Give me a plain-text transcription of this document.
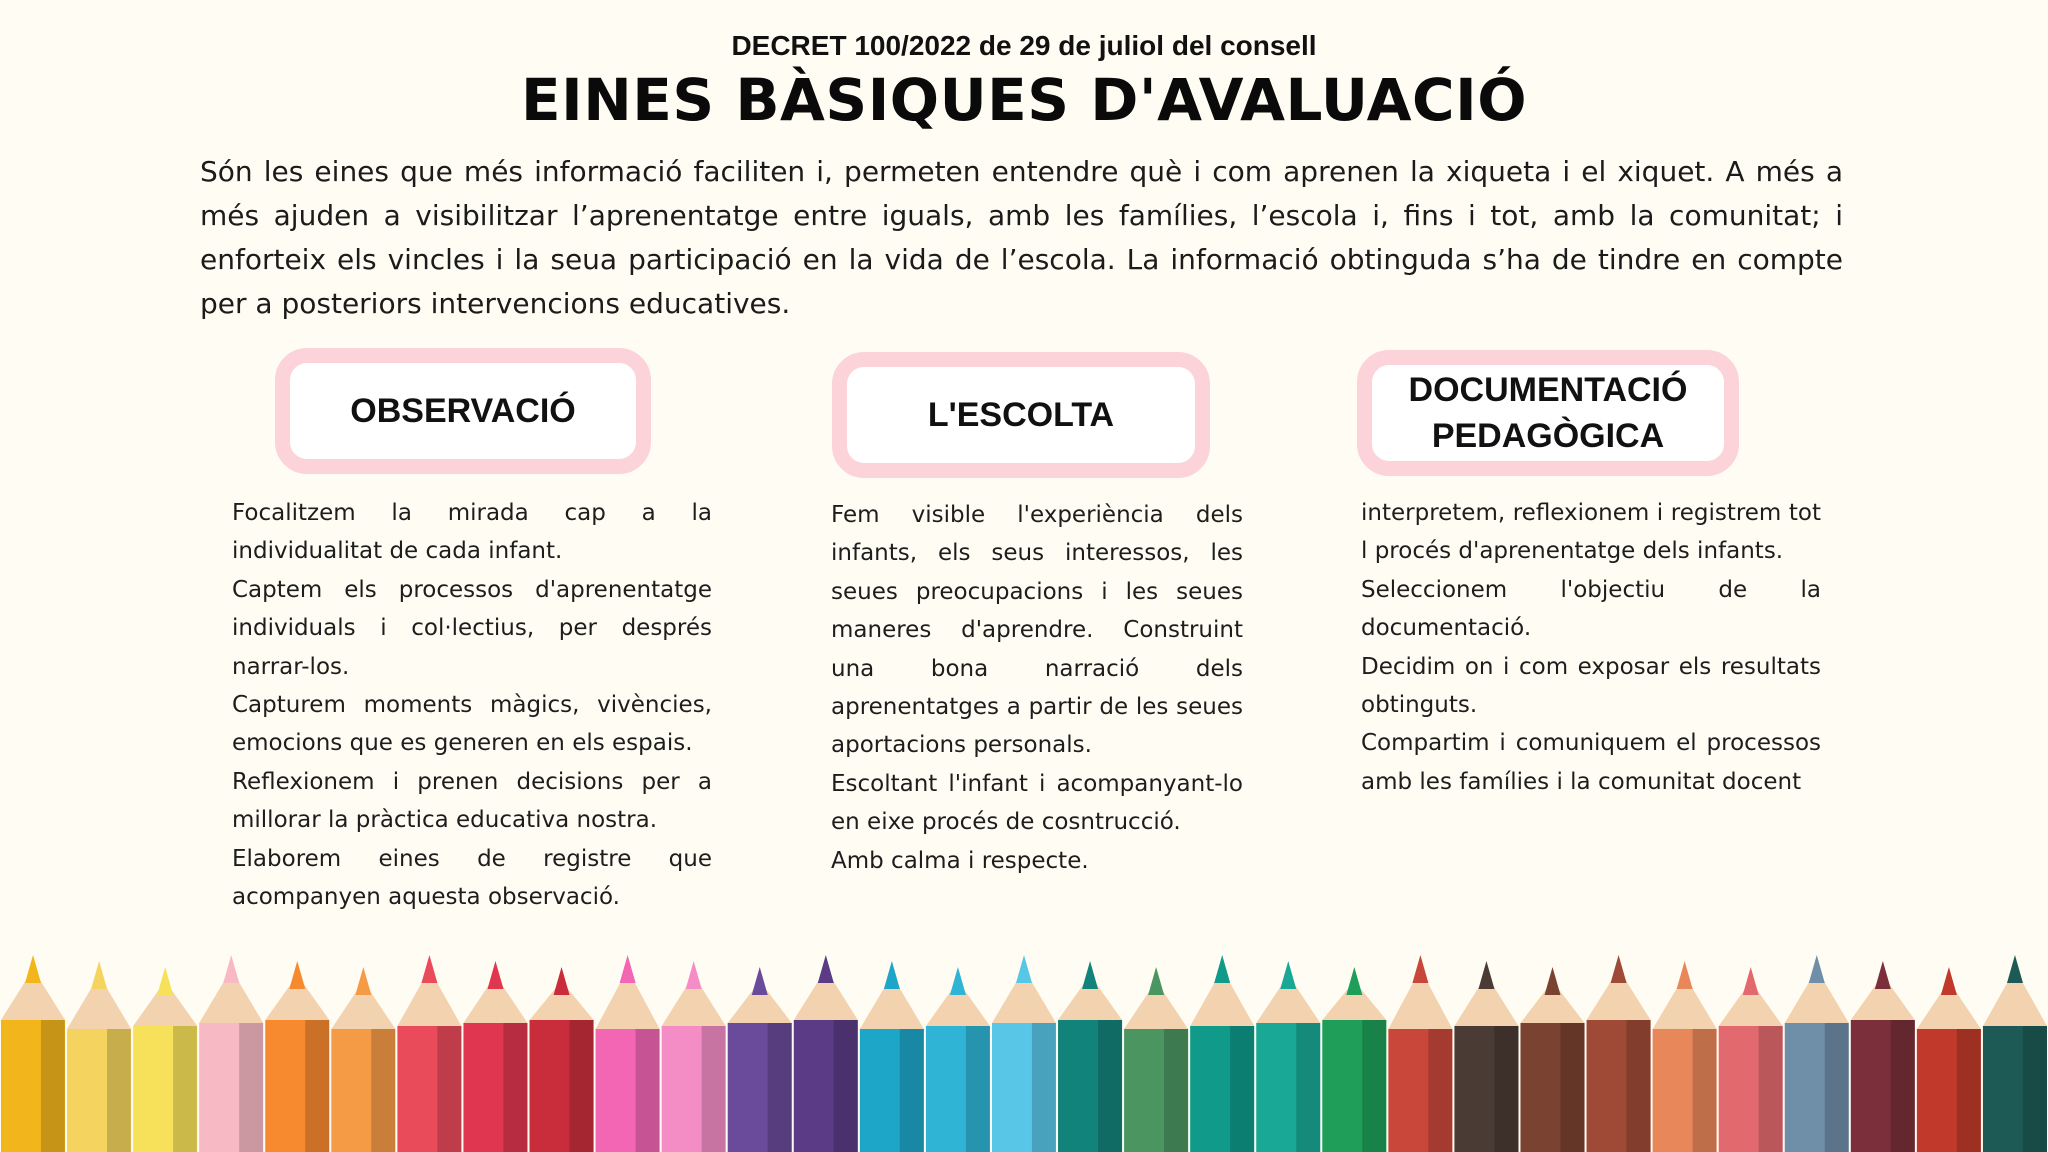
DECRET 100/2022 de 29 de juliol del consell
EINES BÀSIQUES D'AVALUACIÓ
Són les eines que més informació faciliten i, permeten entendre què i com aprenen la xiqueta i el xiquet. A més a més ajuden a visibilitzar l’aprenentatge entre iguals, amb les famílies, l’escola i, fins i tot, amb la comunitat; i enforteix els vincles i la seua participació en la vida de l’escola. La informació obtinguda s’ha de tindre en compte per a posteriors intervencions educatives.
OBSERVACIÓ

Focalitzem la mirada cap a la individualitat de cada infant.

Captem els processos d'aprenentatge individuals i col·lectius, per després narrar-los.

Capturem moments màgics, vivències, emocions que es generen en els espais.

Reflexionem i prenen decisions per a millorar la pràctica educativa nostra.

Elaborem eines de registre que acompanyen aquesta observació.

L'ESCOLTA

Fem visible l'experiència dels infants, els seus interessos, les seues preocupacions i les seues maneres d'aprendre. Construint una bona narració dels aprenentatges a partir de les seues aportacions personals.

Escoltant l'infant i acompanyant-lo en eixe procés de cosntrucció.

Amb calma i respecte.

DOCUMENTACIÓ
PEDAGÒGICA

interpretem, reflexionem i registrem tot l procés d'aprenentatge dels infants.

Seleccionem l'objectiu de la documentació.

Decidim on i com exposar els resultats obtinguts.

Compartim i comuniquem el processos amb les famílies i la comunitat docent
